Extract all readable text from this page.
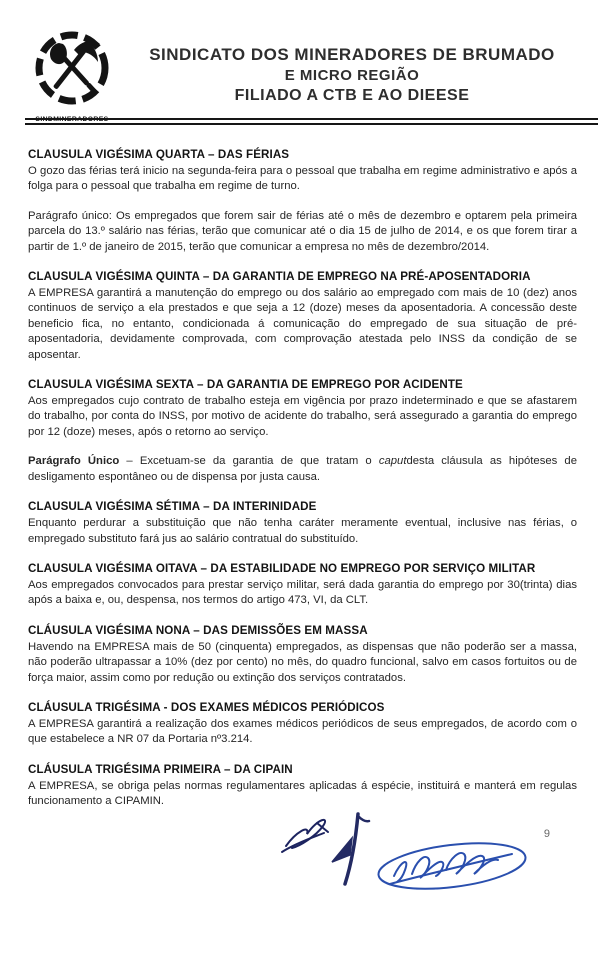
SINDMINERADORES
SINDICATO DOS MINERADORES DE BRUMADO
E MICRO REGIÃO
FILIADO A CTB E AO DIEESE
CLAUSULA VIGÉSIMA QUARTA – DAS FÉRIAS

O gozo das férias terá inicio na segunda-feira para o pessoal que trabalha em regime administrativo e após a folga para o pessoal que trabalha em regime de turno.

Parágrafo único: Os empregados que forem sair de férias até o mês de dezembro e optarem pela primeira parcela do 13.º salário nas férias, terão que comunicar até o dia 15 de julho de 2014, e os que forem tirar a partir de 1.º de janeiro de 2015, terão que comunicar a empresa no mês de dezembro/2014.

CLAUSULA VIGÉSIMA QUINTA – DA GARANTIA DE EMPREGO NA PRÉ-APOSENTADORIA

A EMPRESA garantirá a manutenção do emprego ou dos salário ao empregado com mais de 10 (dez) anos continuos de serviço a ela prestados e que seja a 12 (doze) meses da aposentadoria. A concessão deste beneficio fica, no entanto, condicionada á comunicação do empregado de sua situação de pré-aposentadoria, devidamente comprovada, com comprovação atestada pelo INSS da condição de se aposentar.

CLAUSULA VIGÉSIMA SEXTA – DA GARANTIA DE EMPREGO POR ACIDENTE

Aos empregados cujo contrato de trabalho esteja em vigência por prazo indeterminado e que se afastarem do trabalho, por conta do INSS, por motivo de acidente do trabalho, será assegurado a garantia do emprego por 12 (doze) meses, após o retorno ao serviço.

Parágrafo Único – Excetuam-se da garantia de que tratam o caputdesta cláusula as hipóteses de desligamento espontâneo ou de dispensa por justa causa.

CLAUSULA VIGÉSIMA SÉTIMA – DA INTERINIDADE

Enquanto perdurar a substituição que não tenha caráter meramente eventual, inclusive nas férias, o empregado substituto fará jus ao salário contratual do substituído.

CLAUSULA VIGÉSIMA OITAVA – DA ESTABILIDADE NO EMPREGO POR SERVIÇO MILITAR

Aos empregados convocados para prestar serviço militar, será dada garantia do emprego por 30(trinta) dias após a baixa e, ou, despensa, nos termos do artigo 473, VI, da CLT.

CLÁUSULA VIGÉSIMA NONA – DAS DEMISSÕES EM MASSA

Havendo na EMPRESA mais de 50 (cinquenta) empregados, as dispensas que não poderão ser a massa, não poderão ultrapassar a 10% (dez por cento) no mês, do quadro funcional, salvo em casos fortuitos ou de força maior, assim como por redução ou extinção dos serviços contratados.

CLÁUSULA TRIGÉSIMA - DOS EXAMES MÉDICOS PERIÓDICOS

A EMPRESA garantirá a realização dos exames médicos periódicos de seus empregados, de acordo com o que estabelece a NR 07 da Portaria nº3.214.

CLÁUSULA TRIGÉSIMA PRIMEIRA – DA CIPAIN

A EMPRESA, se obriga pelas normas regulamentares aplicadas á espécie, instituirá e manterá em regulas funcionamento a CIPAMIN.

9
